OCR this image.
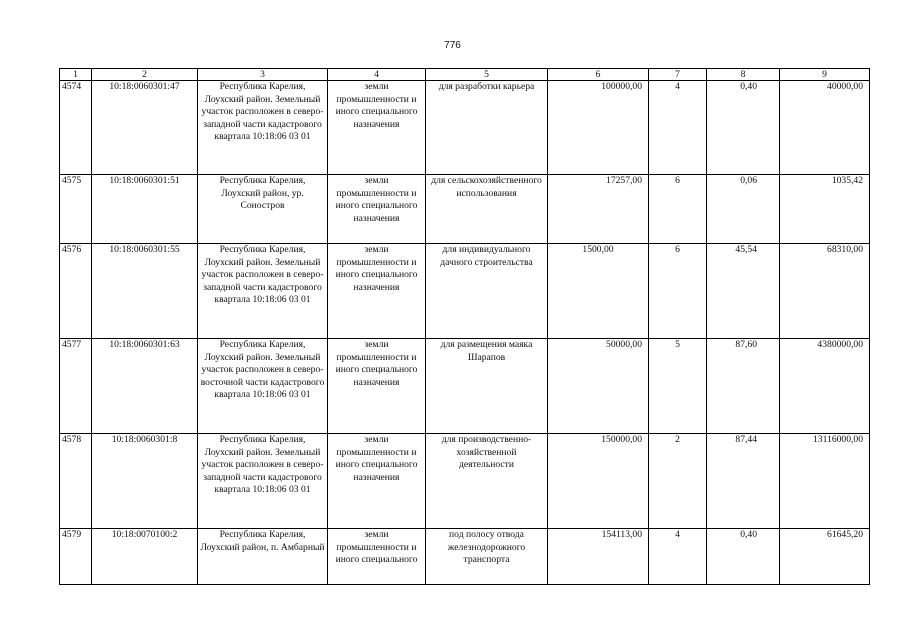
776
1	2	3	4	5	6	7	8	9
4574	10:18:0060301:47	Республика Карелия, Лоухский район. Земельный участок расположен в северо-западной части кадастрового квартала 10:18:06 03 01	земли промышленности и иного специального назначения	для разработки карьера	100000,00	4	0,40	40000,00
4575	10:18:0060301:51	Республика Карелия, Лоухский район, ур. Соностров	земли промышленности и иного специального назначения	для сельскохозяйственного использования	17257,00	6	0,06	1035,42
4576	10:18:0060301:55	Республика Карелия, Лоухский район. Земельный участок расположен в северо-западной части кадастрового квартала 10:18:06 03 01	земли промышленности и иного специального назначения	для индивидуального дачного строительства	1500,00	6	45,54	68310,00
4577	10:18:0060301:63	Республика Карелия, Лоухский район. Земельный участок расположен в северо-восточной части кадастрового квартала 10:18:06 03 01	земли промышленности и иного специального назначения	для размещения маяка Шарапов	50000,00	5	87,60	4380000,00
4578	10:18:0060301:8	Республика Карелия, Лоухский район. Земельный участок расположен в северо-западной части кадастрового квартала 10:18:06 03 01	земли промышленности и иного специального назначения	для производственно-хозяйственной деятельности	150000,00	2	87,44	13116000,00
4579	10:18:0070100:2	Республика Карелия, Лоухский район, п. Амбарный	земли промышленности и иного специального	под полосу отвода железнодорожного транспорта	154113,00	4	0,40	61645,20
